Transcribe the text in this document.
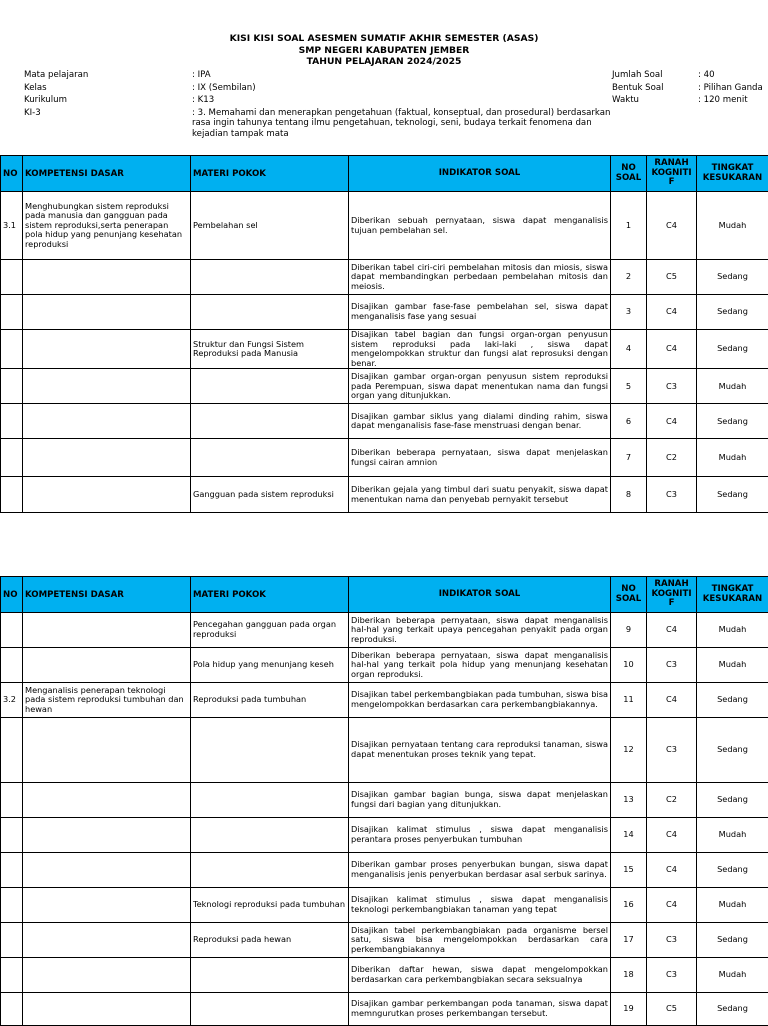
KISI KISI SOAL ASESMEN SUMATIF AKHIR SEMESTER (ASAS)
SMP NEGERI KABUPATEN JEMBER
TAHUN PELAJARAN 2024/2025
Mata pelajaran	: IPA
Kelas	: IX (Sembilan)
Kurikulum	: K13
KI-3	: 3. Memahami dan menerapkan pengetahuan (faktual, konseptual, dan prosedural) berdasarkan rasa ingin tahunya tentang ilmu pengetahuan, teknologi, seni, budaya terkait fenomena dan kejadian tampak mata
Jumlah Soal	: 40
Bentuk Soal	: Pilihan Ganda
Waktu	: 120 menit
NO	KOMPETENSI DASAR	MATERI POKOK	INDIKATOR SOAL	NO SOAL	RANAH KOGNITI F	TINGKAT KESUKARAN
3.1	Menghubungkan sistem reproduksi pada manusia dan gangguan pada sistem reproduksi,serta penerapan pola hidup yang penunjang kesehatan reproduksi	Pembelahan sel	Diberikan sebuah pernyataan, siswa dapat menganalisis tujuan pembelahan sel.	1	C4	Mudah
			Diberikan tabel ciri-ciri pembelahan mitosis dan miosis, siswa dapat membandingkan perbedaan pembelahan mitosis dan meiosis.	2	C5	Sedang
			Disajikan gambar fase-fase pembelahan sel, siswa dapat menganalisis fase yang sesuai	3	C4	Sedang
		Struktur dan Fungsi Sistem Reproduksi pada Manusia	Disajikan tabel bagian dan fungsi organ-organ penyusun sistem reproduksi pada laki-laki , siswa dapat mengelompokkan struktur dan fungsi alat reprosuksi dengan benar.	4	C4	Sedang
			Disajikan gambar organ-organ penyusun sistem reproduksi pada Perempuan, siswa dapat menentukan nama dan fungsi organ yang ditunjukkan.	5	C3	Mudah
			Disajikan gambar siklus yang dialami dinding rahim, siswa dapat menganalisis fase-fase menstruasi dengan benar.	6	C4	Sedang
			Diberikan beberapa pernyataan, siswa dapat menjelaskan fungsi cairan amnion	7	C2	Mudah
		Gangguan pada sistem reproduksi	Diberikan gejala yang timbul dari suatu penyakit, siswa dapat menentukan nama dan penyebab pernyakit tersebut	8	C3	Sedang
NO	KOMPETENSI DASAR	MATERI POKOK	INDIKATOR SOAL	NO SOAL	RANAH KOGNITI F	TINGKAT KESUKARAN
		Pencegahan gangguan pada organ reproduksi	Diberikan beberapa pernyataan, siswa dapat menganalisis hal-hal yang terkait upaya pencegahan penyakit pada organ reproduksi.	9	C4	Mudah
		Pola hidup yang menunjang keseh	Diberikan beberapa pernyataan, siswa dapat menganalisis hal-hal yang terkait pola hidup yang menunjang kesehatan organ reproduksi.	10	C3	Mudah
3.2	Menganalisis penerapan teknologi pada sistem reproduksi tumbuhan dan hewan	Reproduksi pada tumbuhan	Disajikan tabel perkembangbiakan pada tumbuhan, siswa bisa mengelompokkan berdasarkan cara perkembangbiakannya.	11	C4	Sedang
			Disajikan pernyataan tentang cara reproduksi tanaman, siswa dapat menentukan proses teknik yang tepat.	12	C3	Sedang
			Disajikan gambar bagian bunga, siswa dapat menjelaskan fungsi dari bagian yang ditunjukkan.	13	C2	Sedang
			Disajikan kalimat stimulus , siswa dapat menganalisis perantara proses penyerbukan tumbuhan	14	C4	Mudah
			Diberikan gambar proses penyerbukan bungan, siswa dapat menganalisis jenis penyerbukan berdasar asal serbuk sarinya.	15	C4	Sedang
		Teknologi reproduksi pada tumbuhan	Disajikan kalimat stimulus , siswa dapat menganalisis teknologi perkembangbiakan tanaman yang tepat	16	C4	Mudah
		Reproduksi pada hewan	Disajikan tabel perkembangbiakan pada organisme bersel satu, siswa bisa mengelompokkan berdasarkan cara perkembangbiakannya	17	C3	Sedang
			Diberikan daftar hewan, siswa dapat mengelompokkan berdasarkan cara perkembangbiakan secara seksualnya	18	C3	Mudah
			Disajikan gambar perkembangan poda tanaman, siswa dapat memngurutkan proses perkembangan tersebut.	19	C5	Sedang
